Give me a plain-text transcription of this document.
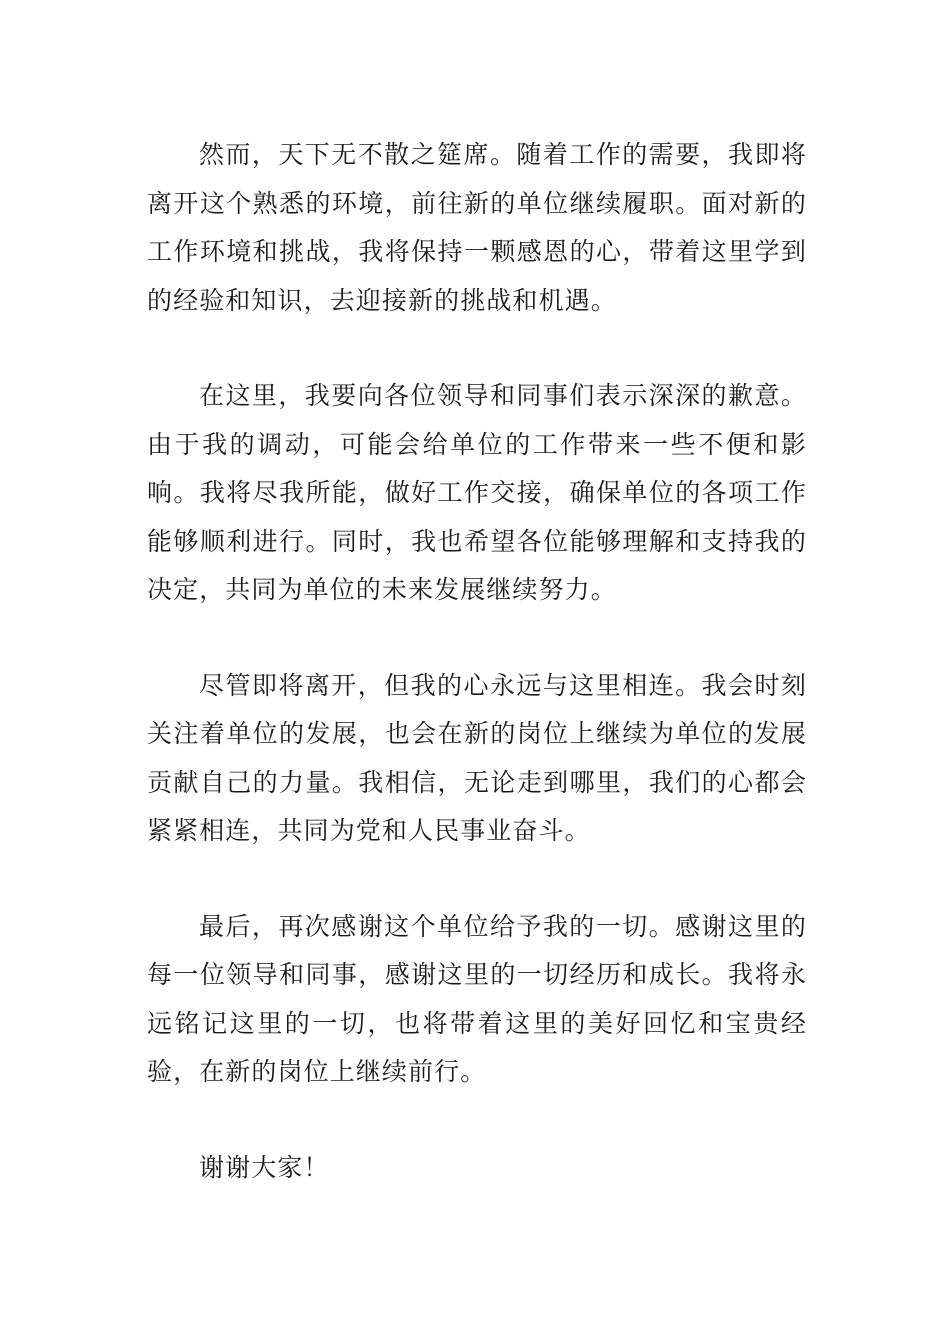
然而，天下无不散之筵席。随着工作的需要，我即将离开这个熟悉的环境，前往新的单位继续履职。面对新的工作环境和挑战，我将保持一颗感恩的心，带着这里学到的经验和知识，去迎接新的挑战和机遇。

在这里，我要向各位领导和同事们表示深深的歉意。由于我的调动，可能会给单位的工作带来一些不便和影响。我将尽我所能，做好工作交接，确保单位的各项工作能够顺利进行。同时，我也希望各位能够理解和支持我的决定，共同为单位的未来发展继续努力。

尽管即将离开，但我的心永远与这里相连。我会时刻关注着单位的发展，也会在新的岗位上继续为单位的发展贡献自己的力量。我相信，无论走到哪里，我们的心都会紧紧相连，共同为党和人民事业奋斗。

最后，再次感谢这个单位给予我的一切。感谢这里的每一位领导和同事，感谢这里的一切经历和成长。我将永远铭记这里的一切，也将带着这里的美好回忆和宝贵经验，在新的岗位上继续前行。

谢谢大家！
